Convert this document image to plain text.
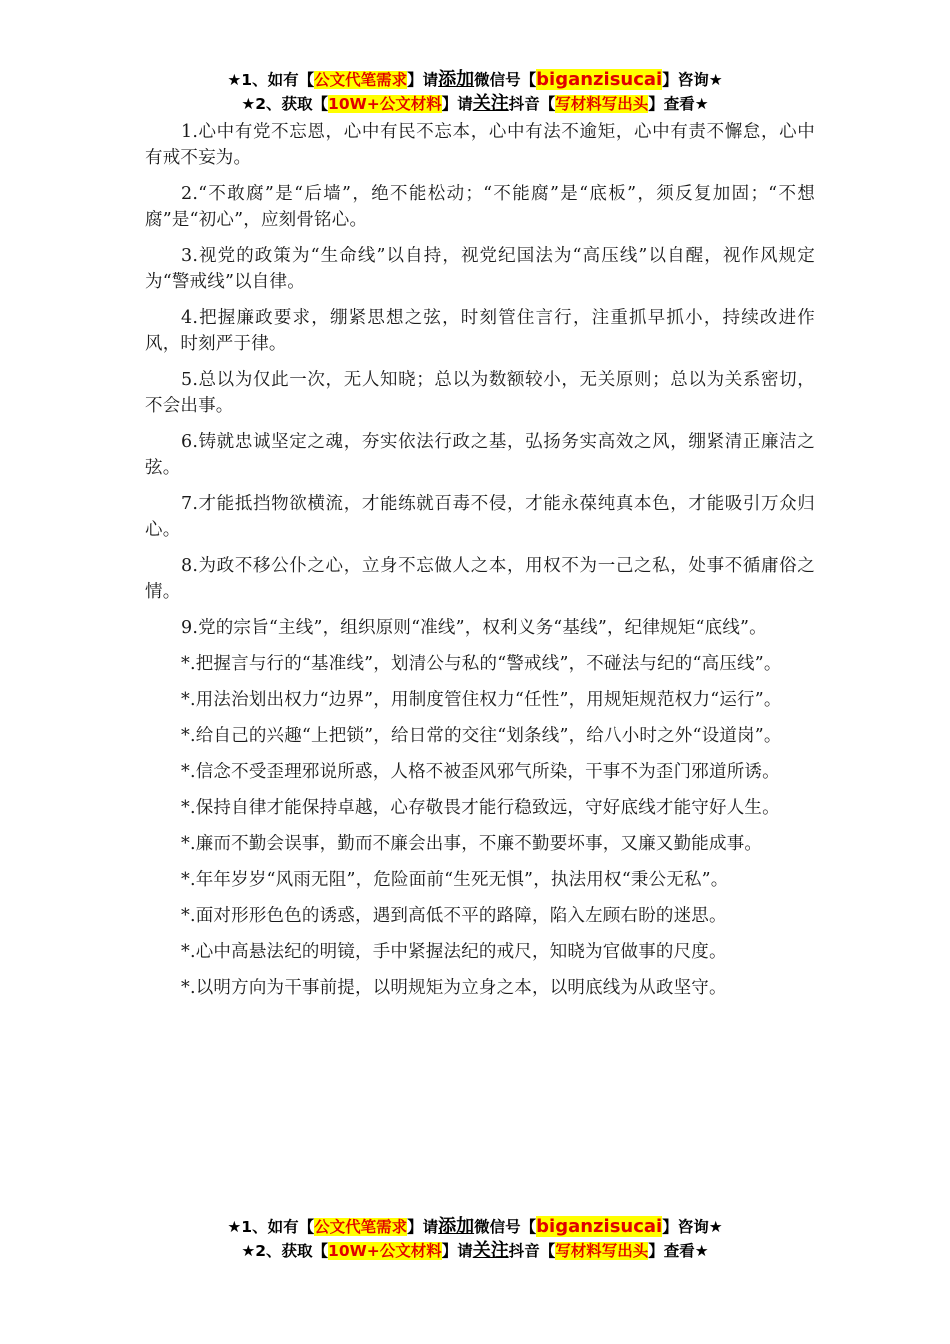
★1、如有【公文代笔需求】请添加微信号【biganzisucai】咨询★
★2、获取【10W+公文材料】请关注抖音【写材料写出头】查看★

1.心中有党不忘恩，心中有民不忘本，心中有法不逾矩，心中有责不懈怠，心中有戒不妄为。

2.“不敢腐”是“后墙”，绝不能松动；“不能腐”是“底板”，须反复加固；“不想腐”是“初心”，应刻骨铭心。

3.视党的政策为“生命线”以自持，视党纪国法为“高压线”以自醒，视作风规定为“警戒线”以自律。

4.把握廉政要求，绷紧思想之弦，时刻管住言行，注重抓早抓小，持续改进作风，时刻严于律。

5.总以为仅此一次，无人知晓；总以为数额较小，无关原则；总以为关系密切，不会出事。

6.铸就忠诚坚定之魂，夯实依法行政之基，弘扬务实高效之风，绷紧清正廉洁之弦。

7.才能抵挡物欲横流，才能练就百毒不侵，才能永葆纯真本色，才能吸引万众归心。

8.为政不移公仆之心，立身不忘做人之本，用权不为一己之私，处事不循庸俗之情。

9.党的宗旨“主线”，组织原则“准线”，权利义务“基线”，纪律规矩“底线”。

*.把握言与行的“基准线”，划清公与私的“警戒线”，不碰法与纪的“高压线”。

*.用法治划出权力“边界”，用制度管住权力“任性”，用规矩规范权力“运行”。

*.给自己的兴趣“上把锁”，给日常的交往“划条线”，给八小时之外“设道岗”。

*.信念不受歪理邪说所惑，人格不被歪风邪气所染，干事不为歪门邪道所诱。

*.保持自律才能保持卓越，心存敬畏才能行稳致远，守好底线才能守好人生。

*.廉而不勤会误事，勤而不廉会出事，不廉不勤要坏事，又廉又勤能成事。

*.年年岁岁“风雨无阻”，危险面前“生死无惧”，执法用权“秉公无私”。

*.面对形形色色的诱惑，遇到高低不平的路障，陷入左顾右盼的迷思。

*.心中高悬法纪的明镜，手中紧握法纪的戒尺，知晓为官做事的尺度。

*.以明方向为干事前提，以明规矩为立身之本，以明底线为从政坚守。

★1、如有【公文代笔需求】请添加微信号【biganzisucai】咨询★
★2、获取【10W+公文材料】请关注抖音【写材料写出头】查看★
